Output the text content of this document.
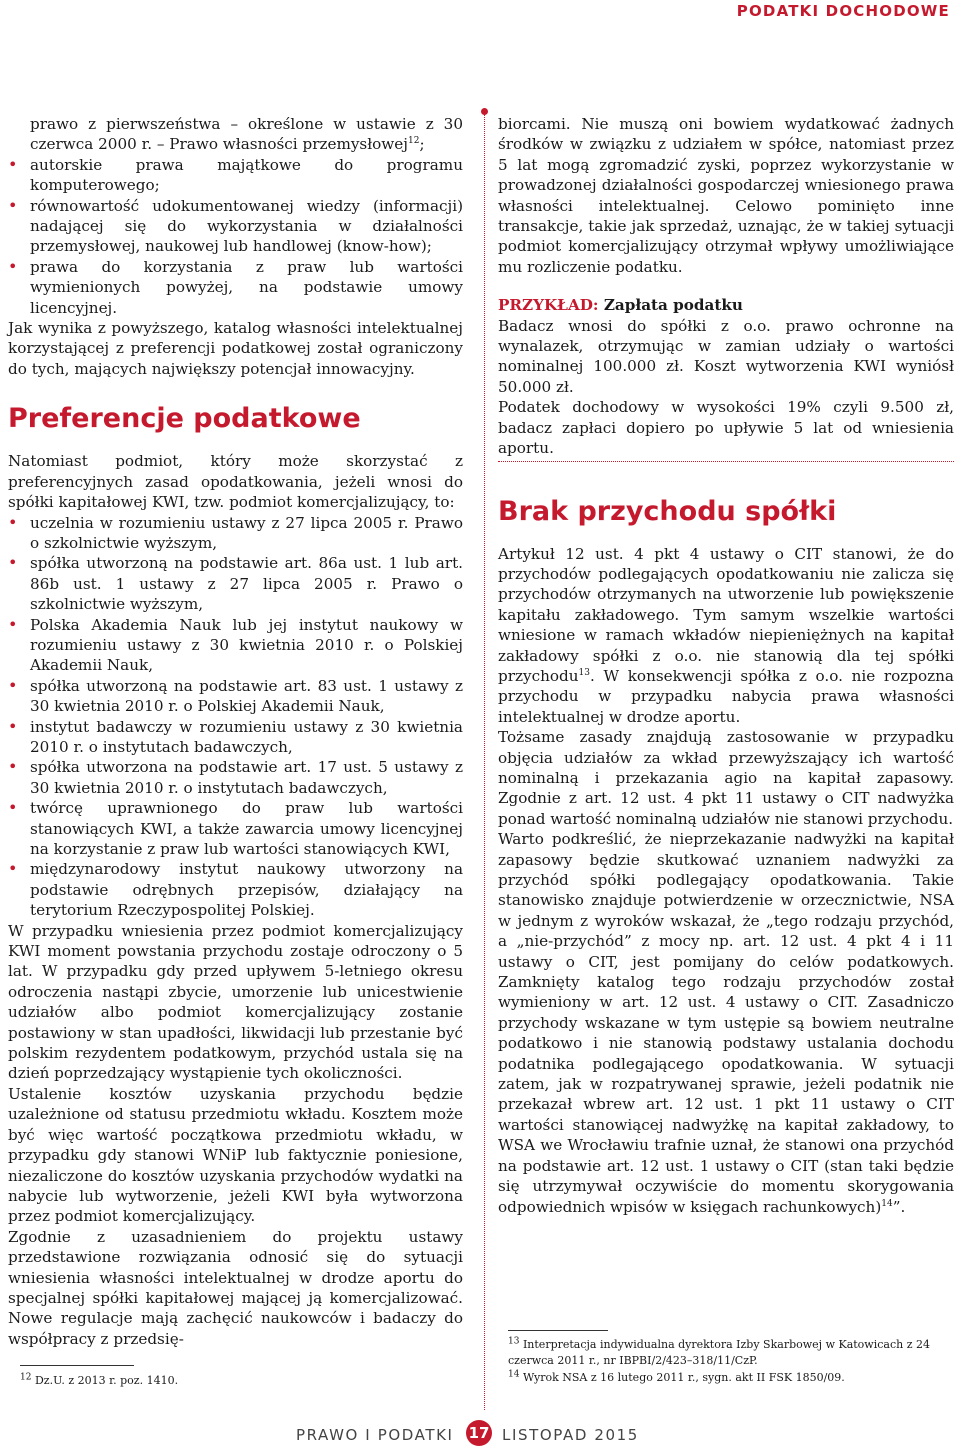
PODATKI DOCHODOWE

prawo z pierwszeństwa – określone w ustawie z 30 czerwca 2000 r. – Prawo własności przemysłowej$^{12}$;

• autorskie prawa majątkowe do programu komputerowego;
• równowartość udokumentowanej wiedzy (informacji) nadającej się do wykorzystania w działalności przemysłowej, naukowej lub handlowej (know-how);
• prawa do korzystania z praw lub wartości wymienionych powyżej, na podstawie umowy licencyjnej.

Jak wynika z powyższego, katalog własności intelektualnej korzystającej z preferencji podatkowej został ograniczony do tych, mających największy potencjał innowacyjny.

Preferencje podatkowe

Natomiast podmiot, który może skorzystać z preferencyjnych zasad opodatkowania, jeżeli wnosi do spółki kapitałowej KWI, tzw. podmiot komercjalizujący, to:

• uczelnia w rozumieniu ustawy z 27 lipca 2005 r. Prawo o szkolnictwie wyższym,
• spółka utworzoną na podstawie art. 86a ust. 1 lub art. 86b ust. 1 ustawy z 27 lipca 2005 r. Prawo o szkolnictwie wyższym,
• Polska Akademia Nauk lub jej instytut naukowy w rozumieniu ustawy z 30 kwietnia 2010 r. o Polskiej Akademii Nauk,
• spółka utworzoną na podstawie art. 83 ust. 1 ustawy z 30 kwietnia 2010 r. o Polskiej Akademii Nauk,
• instytut badawczy w rozumieniu ustawy z 30 kwietnia 2010 r. o instytutach badawczych,
• spółka utworzona na podstawie art. 17 ust. 5 ustawy z 30 kwietnia 2010 r. o instytutach badawczych,
• twórcę uprawnionego do praw lub wartości stanowiących KWI, a także zawarcia umowy licencyjnej na korzystanie z praw lub wartości stanowiących KWI,
• międzynarodowy instytut naukowy utworzony na podstawie odrębnych przepisów, działający na terytorium Rzeczypospolitej Polskiej.

W przypadku wniesienia przez podmiot komercjalizujący KWI moment powstania przychodu zostaje odroczony o 5 lat. W przypadku gdy przed upływem 5-letniego okresu odroczenia nastąpi zbycie, umorzenie lub unicestwienie udziałów albo podmiot komercjalizujący zostanie postawiony w stan upadłości, likwidacji lub przestanie być polskim rezydentem podatkowym, przychód ustala się na dzień poprzedzający wystąpienie tych okoliczności.

Ustalenie kosztów uzyskania przychodu będzie uzależnione od statusu przedmiotu wkładu. Kosztem może być więc wartość początkowa przedmiotu wkładu, w przypadku gdy stanowi WNiP lub faktycznie poniesione, niezaliczone do kosztów uzyskania przychodów wydatki na nabycie lub wytworzenie, jeżeli KWI była wytworzona przez podmiot komercjalizujący.

Zgodnie z uzasadnieniem do projektu ustawy przedstawione rozwiązania odnosić się do sytuacji wniesienia własności intelektualnej w drodze aportu do specjalnej spółki kapitałowej mającej ją komercjalizować. Nowe regulacje mają zachęcić naukowców i badaczy do współpracy z przedsię-

$^{12}$ Dz.U. z 2013 r. poz. 1410.

biorcami. Nie muszą oni bowiem wydatkować żadnych środków w związku z udziałem w spółce, natomiast przez 5 lat mogą zgromadzić zyski, poprzez wykorzystanie w prowadzonej działalności gospodarczej wniesionego prawa własności intelektualnej. Celowo pominięto inne transakcje, takie jak sprzedaż, uznając, że w takiej sytuacji podmiot komercjalizujący otrzymał wpływy umożliwiające mu rozliczenie podatku.

PRZYKŁAD: Zapłata podatku

Badacz wnosi do spółki z o.o. prawo ochronne na wynalazek, otrzymując w zamian udziały o wartości nominalnej 100.000 zł. Koszt wytworzenia KWI wyniósł 50.000 zł.

Podatek dochodowy w wysokości 19% czyli 9.500 zł, badacz zapłaci dopiero po upływie 5 lat od wniesienia aportu.

Brak przychodu spółki

Artykuł 12 ust. 4 pkt 4 ustawy o CIT stanowi, że do przychodów podlegających opodatkowaniu nie zalicza się przychodów otrzymanych na utworzenie lub powiększenie kapitału zakładowego. Tym samym wszelkie wartości wniesione w ramach wkładów niepieniężnych na kapitał zakładowy spółki z o.o. nie stanowią dla tej spółki przychodu$^{13}$. W konsekwencji spółka z o.o. nie rozpozna przychodu w przypadku nabycia prawa własności intelektualnej w drodze aportu.

Tożsame zasady znajdują zastosowanie w przypadku objęcia udziałów za wkład przewyższający ich wartość nominalną i przekazania agio na kapitał zapasowy. Zgodnie z art. 12 ust. 4 pkt 11 ustawy o CIT nadwyżka ponad wartość nominalną udziałów nie stanowi przychodu.

Warto podkreślić, że nieprzekazanie nadwyżki na kapitał zapasowy będzie skutkować uznaniem nadwyżki za przychód spółki podlegający opodatkowania. Takie stanowisko znajduje potwierdzenie w orzecznictwie, NSA w jednym z wyroków wskazał, że „tego rodzaju przychód, a „nie-przychód” z mocy np. art. 12 ust. 4 pkt 4 i 11 ustawy o CIT, jest pomijany do celów podatkowych. Zamknięty katalog tego rodzaju przychodów został wymieniony w art. 12 ust. 4 ustawy o CIT. Zasadniczo przychody wskazane w tym ustępie są bowiem neutralne podatkowo i nie stanowią podstawy ustalania dochodu podatnika podlegającego opodatkowania. W sytuacji zatem, jak w rozpatrywanej sprawie, jeżeli podatnik nie przekazał wbrew art. 12 ust. 1 pkt 11 ustawy o CIT wartości stanowiącej nadwyżkę na kapitał zakładowy, to WSA we Wrocławiu trafnie uznał, że stanowi ona przychód na podstawie art. 12 ust. 1 ustawy o CIT (stan taki będzie się utrzymywał oczywiście do momentu skorygowania odpowiednich wpisów w księgach rachunkowych)$^{14}$”.

$^{13}$ Interpretacja indywidualna dyrektora Izby Skarbowej w Katowicach z 24 czerwca 2011 r., nr IBPBI/2/423–318/11/CzP.
$^{14}$ Wyrok NSA z 16 lutego 2011 r., sygn. akt II FSK 1850/09.
PRAWO I PODATKI 17 LISTOPAD 2015
